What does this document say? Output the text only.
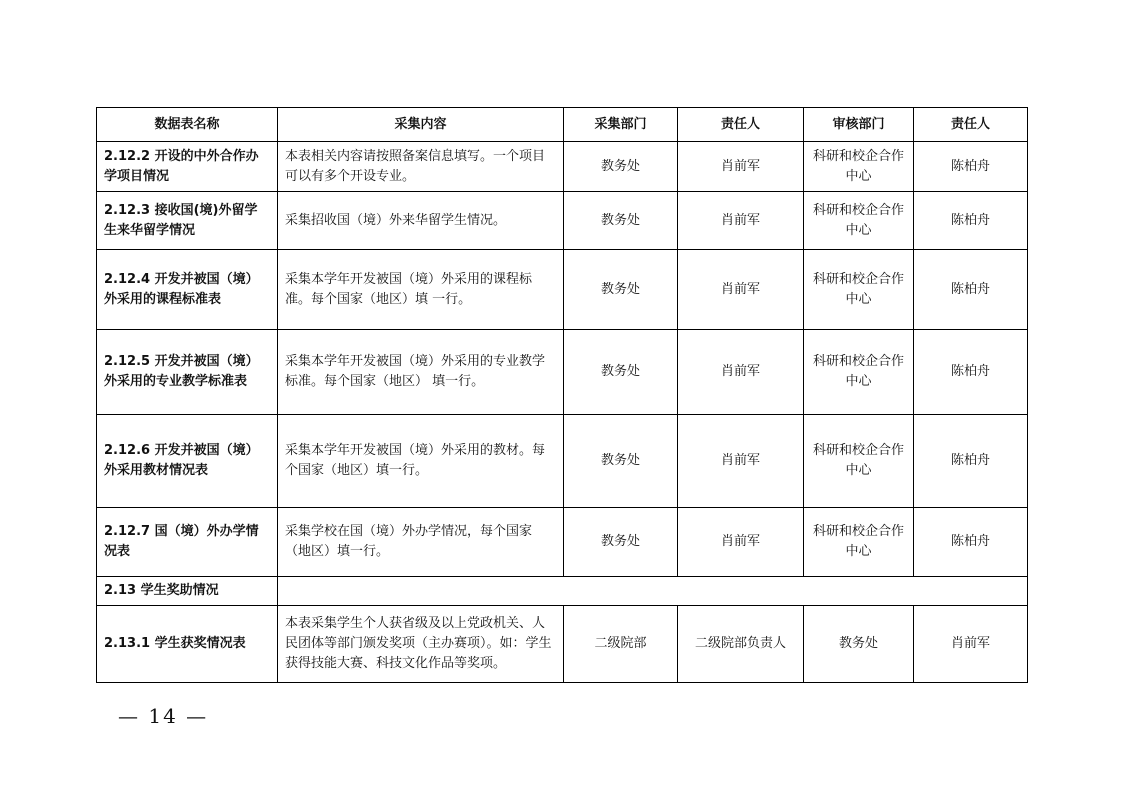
数据表名称	采集内容	采集部门	责任人	审核部门	责任人
2.12.2 开设的中外合作办学项目情况	本表相关内容请按照备案信息填写。一个项目可以有多个开设专业。	教务处	肖前军	科研和校企合作中心	陈柏舟
2.12.3 接收国(境)外留学生来华留学情况	采集招收国（境）外来华留学生情况。	教务处	肖前军	科研和校企合作中心	陈柏舟
2.12.4 开发并被国（境）外采用的课程标准表	采集本学年开发被国（境）外采用的课程标准。每个国家（地区）填 一行。	教务处	肖前军	科研和校企合作中心	陈柏舟
2.12.5 开发并被国（境）外采用的专业教学标准表	采集本学年开发被国（境）外采用的专业教学标准。每个国家（地区） 填一行。	教务处	肖前军	科研和校企合作中心	陈柏舟
2.12.6 开发并被国（境）外采用教材情况表	采集本学年开发被国（境）外采用的教材。每个国家（地区）填一行。	教务处	肖前军	科研和校企合作中心	陈柏舟
2.12.7 国（境）外办学情况表	采集学校在国（境）外办学情况，每个国家（地区）填一行。	教务处	肖前军	科研和校企合作中心	陈柏舟
2.13 学生奖助情况					
2.13.1 学生获奖情况表	本表采集学生个人获省级及以上党政机关、人民团体等部门颁发奖项（主办赛项）。如：学生获得技能大赛、科技文化作品等奖项。	二级院部	二级院部负责人	教务处	肖前军
— 14 —
